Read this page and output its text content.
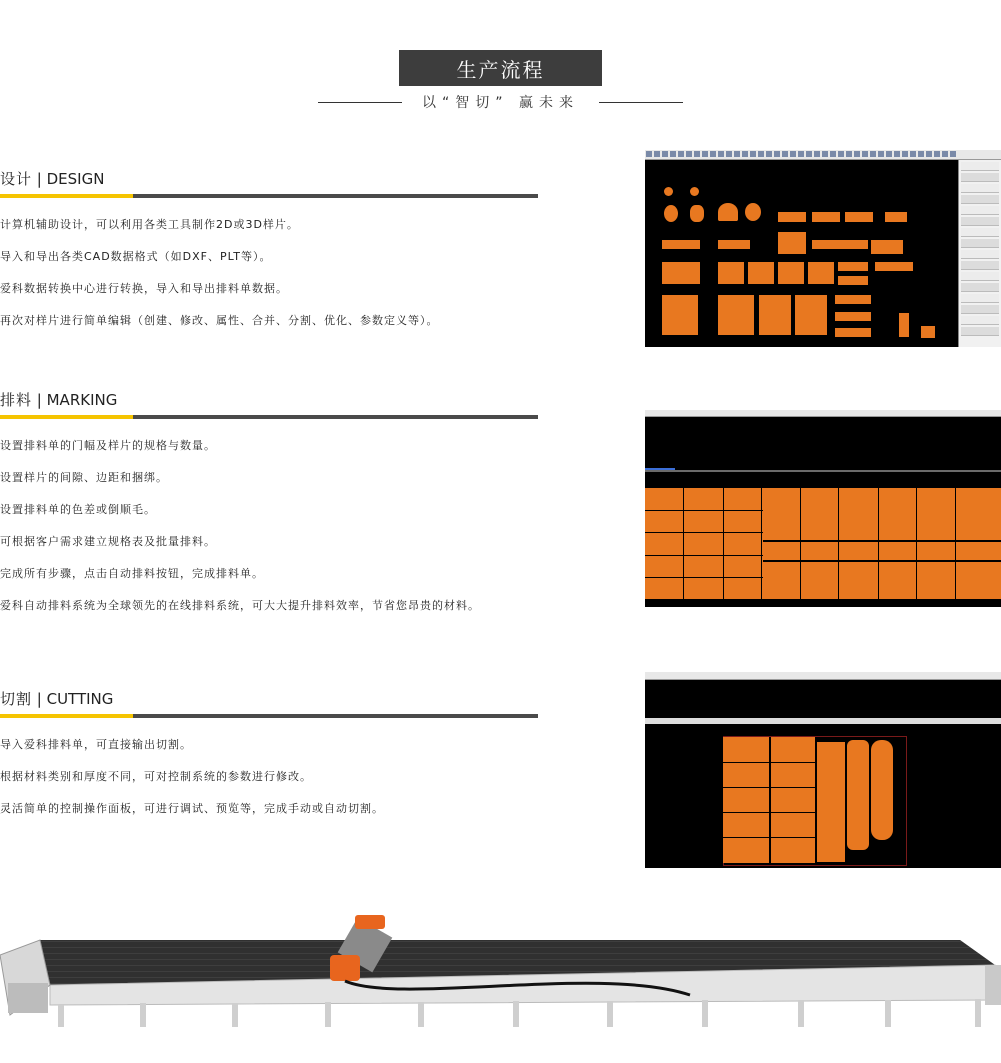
生产流程
以“智切” 赢未来
设计 | DESIGN
计算机辅助设计，可以利用各类工具制作2D或3D样片。
导入和导出各类CAD数据格式（如DXF、PLT等）。
爱科数据转换中心进行转换，导入和导出排料单数据。
再次对样片进行简单编辑（创建、修改、属性、合并、分割、优化、参数定义等）。
排料 | MARKING
设置排料单的门幅及样片的规格与数量。
设置样片的间隙、边距和捆绑。
设置排料单的色差或倒顺毛。
可根据客户需求建立规格表及批量排料。
完成所有步骤，点击自动排料按钮，完成排料单。
爱科自动排料系统为全球领先的在线排料系统，可大大提升排料效率，节省您昂贵的材料。
切割 | CUTTING
导入爱科排料单，可直接输出切割。
根据材料类别和厚度不同，可对控制系统的参数进行修改。
灵活简单的控制操作面板，可进行调试、预览等，完成手动或自动切割。
